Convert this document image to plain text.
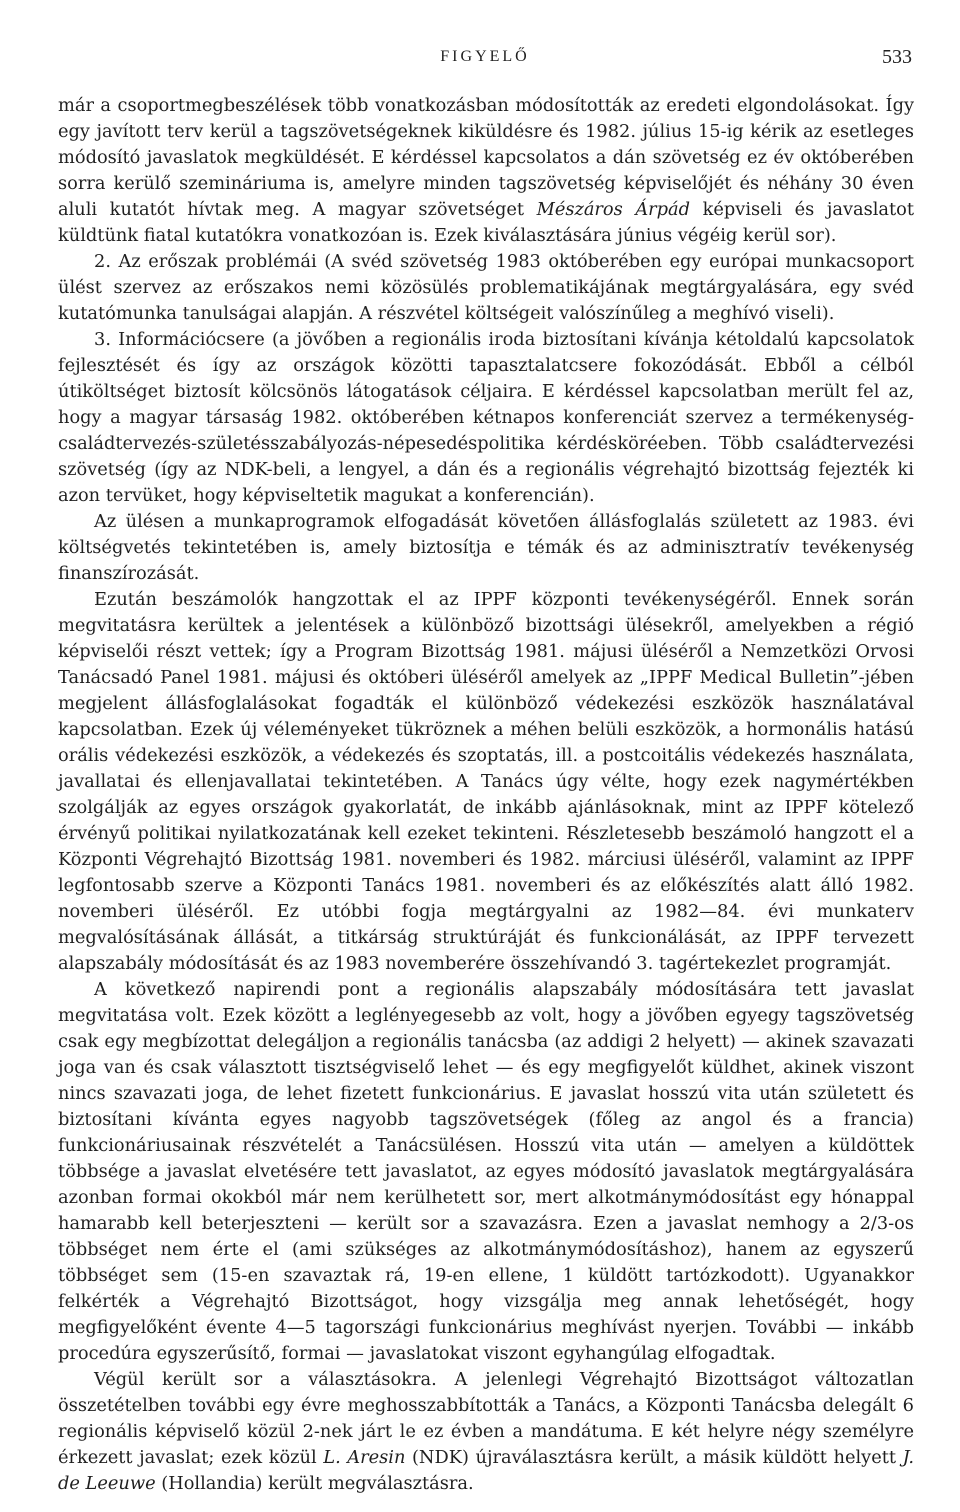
FIGYELŐ	533

már a csoportmegbeszélések több vonatkozásban módosították az eredeti elgondolásokat. Így egy javított terv kerül a tagszövetségeknek kiküldésre és 1982. július 15-ig kérik az esetleges módosító javaslatok megküldését. E kérdéssel kapcsolatos a dán szövetség ez év októberében sorra kerülő szemináriuma is, amelyre minden tagszövetség képviselőjét és néhány 30 éven aluli kutatót hívtak meg. A magyar szövetséget Mészáros Árpád képviseli és javaslatot küldtünk fiatal kutatókra vonatkozóan is. Ezek kiválasztására június végéig kerül sor).

2. Az erőszak problémái (A svéd szövetség 1983 októberében egy európai munkacsoport ülést szervez az erőszakos nemi közösülés problematikájának megtárgyalására, egy svéd kutatómunka tanulságai alapján. A részvétel költségeit valószínűleg a meghívó viseli).

3. Információcsere (a jövőben a regionális iroda biztosítani kívánja kétoldalú kapcsolatok fejlesztését és így az országok közötti tapasztalatcsere fokozódását. Ebből a célból útiköltséget biztosít kölcsönös látogatások céljaira. E kérdéssel kapcsolatban merült fel az, hogy a magyar társaság 1982. októberében kétnapos konferenciát szervez a termékenység-családtervezés-születésszabályozás-népesedéspolitika kérdésköréeben. Több családtervezési szövetség (így az NDK-beli, a lengyel, a dán és a regionális végrehajtó bizottság fejezték ki azon tervüket, hogy képviseltetik magukat a konferencián).

Az ülésen a munkaprogramok elfogadását követően állásfoglalás született az 1983. évi költségvetés tekintetében is, amely biztosítja e témák és az adminisztratív tevékenység finanszírozását.

Ezután beszámolók hangzottak el az IPPF központi tevékenységéről. Ennek során megvitatásra kerültek a jelentések a különböző bizottsági ülésekről, amelyekben a régió képviselői részt vettek; így a Program Bizottság 1981. májusi üléséről a Nemzetközi Orvosi Tanácsadó Panel 1981. májusi és októberi üléséről amelyek az „IPPF Medical Bulletin”-jében megjelent állásfoglalásokat fogadták el különböző védekezési eszközök használatával kapcsolatban. Ezek új véleményeket tükröznek a méhen belüli eszközök, a hormonális hatású orális védekezési eszközök, a védekezés és szoptatás, ill. a postcoitális védekezés használata, javallatai és ellenjavallatai tekintetében. A Tanács úgy vélte, hogy ezek nagymértékben szolgálják az egyes országok gyakorlatát, de inkább ajánlásoknak, mint az IPPF kötelező érvényű politikai nyilatkozatának kell ezeket tekinteni. Részletesebb beszámoló hangzott el a Központi Végrehajtó Bizottság 1981. novemberi és 1982. márciusi üléséről, valamint az IPPF legfontosabb szerve a Központi Tanács 1981. novemberi és az előkészítés alatt álló 1982. novemberi üléséről. Ez utóbbi fogja megtárgyalni az 1982—84. évi munkaterv megvalósításának állását, a titkárság struktúráját és funkcionálását, az IPPF tervezett alapszabály módosítását és az 1983 novemberére összehívandó 3. tagértekezlet programját.

A következő napirendi pont a regionális alapszabály módosítására tett javaslat megvitatása volt. Ezek között a leglényegesebb az volt, hogy a jövőben egyegy tagszövetség csak egy megbízottat delegáljon a regionális tanácsba (az addigi 2 helyett) — akinek szavazati joga van és csak választott tisztségviselő lehet — és egy megfigyelőt küldhet, akinek viszont nincs szavazati joga, de lehet fizetett funkcionárius. E javaslat hosszú vita után született és biztosítani kívánta egyes nagyobb tagszövetségek (főleg az angol és a francia) funkcionáriusainak részvételét a Tanácsülésen. Hosszú vita után — amelyen a küldöttek többsége a javaslat elvetésére tett javaslatot, az egyes módosító javaslatok megtárgyalására azonban formai okokból már nem kerülhetett sor, mert alkotmánymódosítást egy hónappal hamarabb kell beterjeszteni — került sor a szavazásra. Ezen a javaslat nemhogy a 2/3-os többséget nem érte el (ami szükséges az alkotmánymódosításhoz), hanem az egyszerű többséget sem (15-en szavaztak rá, 19-en ellene, 1 küldött tartózkodott). Ugyanakkor felkérték a Végrehajtó Bizottságot, hogy vizsgálja meg annak lehetőségét, hogy megfigyelőként évente 4—5 tagországi funkcionárius meghívást nyerjen. További — inkább procedúra egyszerűsítő, formai — javaslatokat viszont egyhangúlag elfogadtak.

Végül került sor a választásokra. A jelenlegi Végrehajtó Bizottságot változatlan összetételben további egy évre meghosszabbították a Tanács, a Központi Tanácsba delegált 6 regionális képviselő közül 2-nek járt le ez évben a mandátuma. E két helyre négy személyre érkezett javaslat; ezek közül L. Aresin (NDK) újraválasztásra került, a másik küldött helyett J. de Leeuwe (Hollandia) került megválasztásra.
